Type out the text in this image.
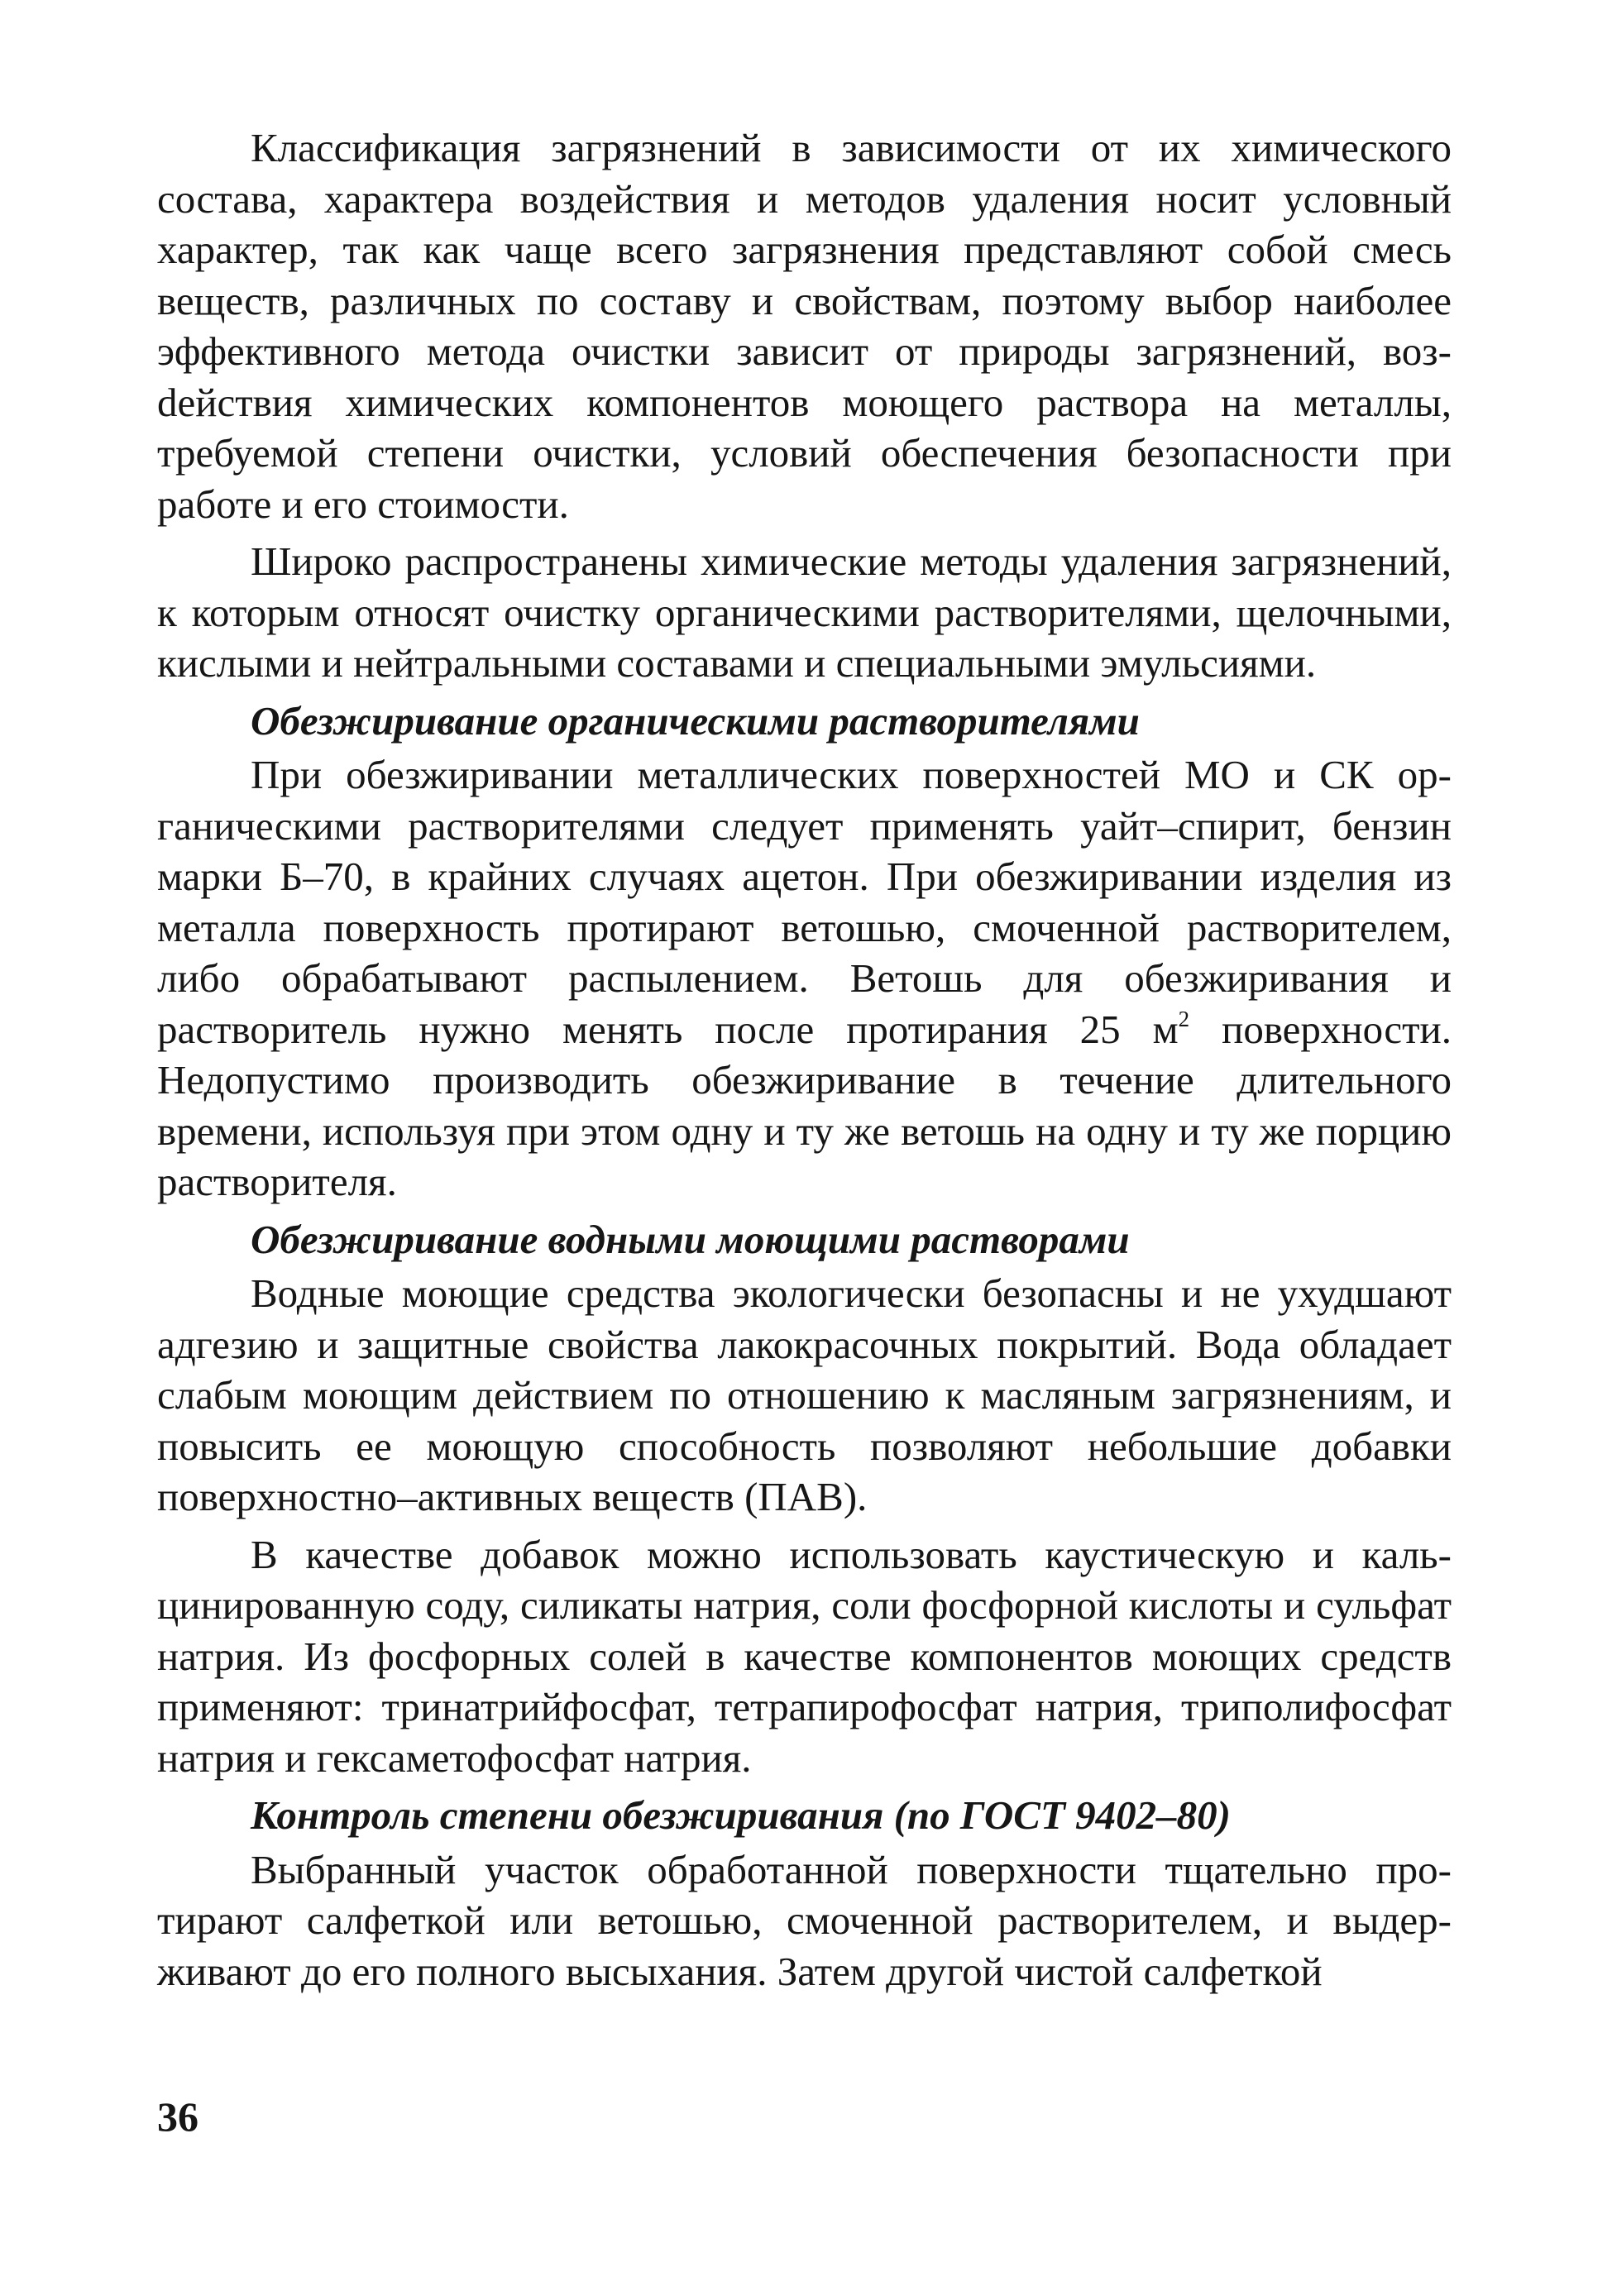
Классификация загрязнений в зависимости от их химического состава, характера воздействия и методов удаления носит условный характер, так как чаще всего загрязнения представляют собой смесь веществ, различных по составу и свойствам, поэтому выбор наиболее эффективного метода очистки зависит от природы загрязнений, возdействия химических компонентов моющего раствора на металлы, требуемой степени очистки, условий обеспечения безопасности при работе и его стоимости.

Широко распространены химические методы удаления загрязнений, к которым относят очистку органическими растворителями, щелочными, кислыми и нейтральными составами и специальными эмульсиями.

Обезжиривание органическими растворителями

При обезжиривании металлических поверхностей МО и СК органическими растворителями следует применять уайт–спирит, бензин марки Б–70, в крайних случаях ацетон. При обезжиривании изделия из металла поверхность протирают ветошью, смоченной растворителем, либо обрабатывают распылением. Ветошь для обезжиривания и растворитель нужно менять после протирания 25 $м^2$ поверхности. Недопустимо производить обезжиривание в течение длительного времени, используя при этом одну и ту же ветошь на одну и ту же порцию растворителя.

Обезжиривание водными моющими растворами

Водные моющие средства экологически безопасны и не ухудшают адгезию и защитные свойства лакокрасочных покрытий. Вода обладает слабым моющим действием по отношению к масляным загрязнениям, и повысить ее моющую способность позволяют небольшие добавки поверхностно–активных веществ (ПАВ).

В качестве добавок можно использовать каустическую и кальцинированную соду, силикаты натрия, соли фосфорной кислоты и сульфат натрия. Из фосфорных солей в качестве компонентов моющих средств применяют: тринатрийфосфат, тетрапирофосфат натрия, триполифосфат натрия и гексаметофосфат натрия.

Контроль степени обезжиривания (по ГОСТ 9402–80)

Выбранный участок обработанной поверхности тщательно протирают салфеткой или ветошью, смоченной растворителем, и выдерживают до его полного высыхания. Затем другой чистой салфеткой

36
